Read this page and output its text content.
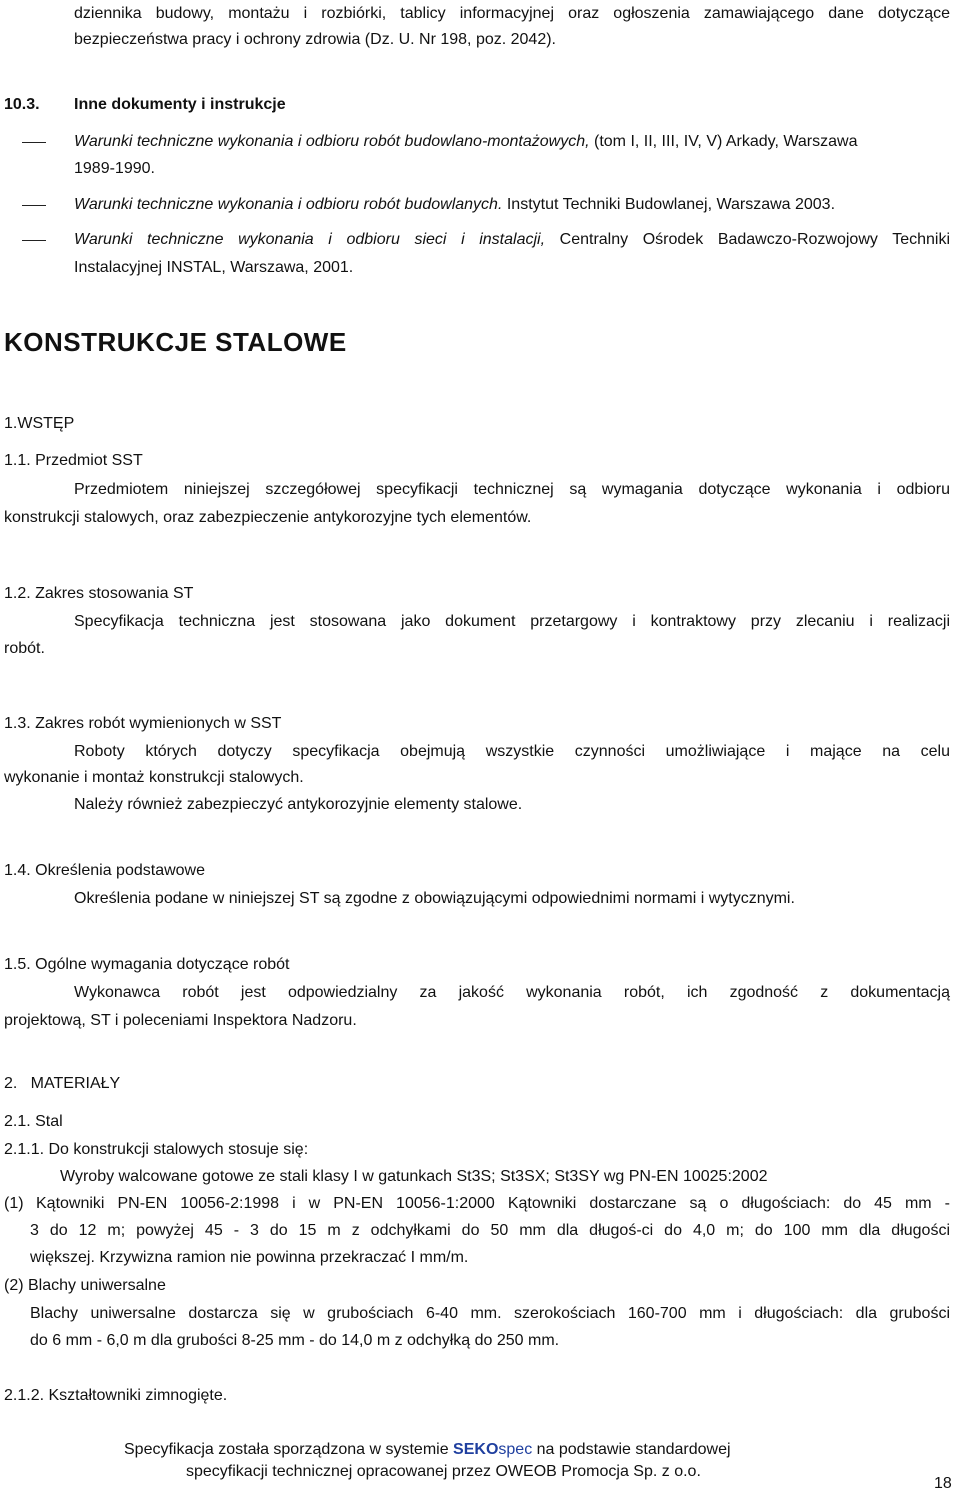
dziennika budowy, montażu i rozbiórki, tablicy informacyjnej oraz ogłoszenia zamawiającego dane dotyczące
bezpieczeństwa pracy i ochrony zdrowia (Dz. U. Nr 198, poz. 2042).
10.3. Inne dokumenty i instrukcje
Warunki techniczne wykonania i odbioru robót budowlano-montażowych, (tom I, II, III, IV, V) Arkady, Warszawa
1989-1990.
Warunki techniczne wykonania i odbioru robót budowlanych. Instytut Techniki Budowlanej, Warszawa 2003.
Warunki techniczne wykonania i odbioru sieci i instalacji, Centralny Ośrodek Badawczo-Rozwojowy Techniki
Instalacyjnej INSTAL, Warszawa, 2001.
KONSTRUKCJE STALOWE
1.WSTĘP
1.1. Przedmiot SST
Przedmiotem niniejszej szczegółowej specyfikacji technicznej są wymagania dotyczące wykonania i odbioru
konstrukcji stalowych, oraz zabezpieczenie antykorozyjne tych elementów.
1.2. Zakres stosowania ST
Specyfikacja techniczna jest stosowana jako dokument przetargowy i kontraktowy przy zlecaniu i realizacji
robót.
1.3. Zakres robót wymienionych w SST
Roboty których dotyczy specyfikacja obejmują wszystkie czynności umożliwiające i mające na celu
wykonanie i montaż konstrukcji stalowych.
Należy również zabezpieczyć antykorozyjnie elementy stalowe.
1.4. Określenia podstawowe
Określenia podane w niniejszej ST są zgodne z obowiązującymi odpowiednimi normami i wytycznymi.
1.5. Ogólne wymagania dotyczące robót
Wykonawca robót jest odpowiedzialny za jakość wykonania robót, ich zgodność z dokumentacją
projektową, ST i poleceniami Inspektora Nadzoru.
2.   MATERIAŁY
2.1. Stal
2.1.1. Do konstrukcji stalowych stosuje się:
Wyroby walcowane gotowe ze stali klasy I w gatunkach St3S; St3SX; St3SY wg PN-EN 10025:2002
(1) Kątowniki PN-EN 10056-2:1998 i w PN-EN 10056-1:2000 Kątowniki dostarczane są o długościach: do 45 mm -
3 do 12 m; powyżej 45 - 3 do 15 m z odchyłkami do 50 mm dla długoś-ci do 4,0 m; do 100 mm dla długości
większej. Krzywizna ramion nie powinna przekraczać I mm/m.
(2) Blachy uniwersalne
Blachy uniwersalne dostarcza się w grubościach 6-40 mm. szerokościach 160-700 mm i długościach: dla grubości
do 6 mm - 6,0 m dla grubości 8-25 mm - do 14,0 m z odchyłką do 250 mm.
2.1.2. Kształtowniki zimnogięte.
Specyfikacja została sporządzona w systemie SEKOspec na podstawie standardowej
specyfikacji technicznej opracowanej przez OWEOB Promocja Sp. z o.o.
18
